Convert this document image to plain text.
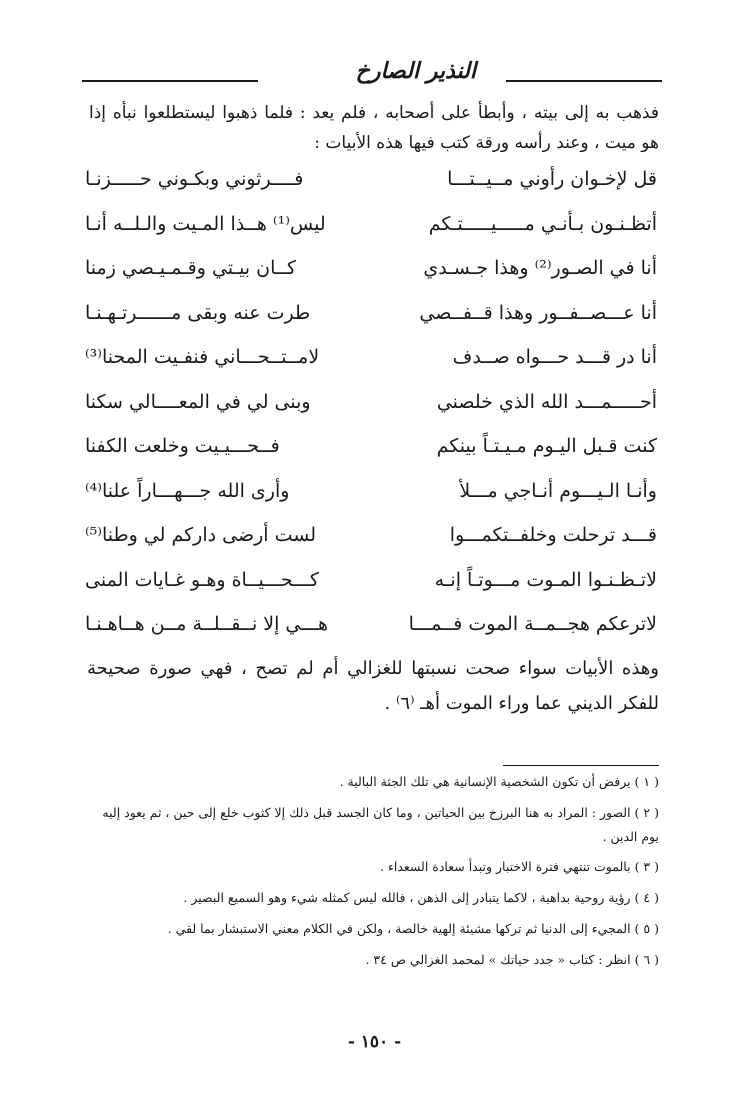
النذير الصارخ
فذهب به إلى بيته ، وأبطأ على أصحابه ، فلم يعد : فلما ذهبوا ليستطلعوا نبأه إذا هو ميت ، وعند رأسه ورقة كتب فيها هذه الأبيات :
قل لإخـوان رأوني مــيــتـــا
فــــرثوني وبكـوني حـــــزنـا
أتظـنـون بـأنـي مـــــيـــــتـكم
ليس⁽¹⁾ هــذا المـيت والـلــه أنـا
أنا في الصـور⁽²⁾ وهذا جـسـدي
كــان بيـتي وقـمـيـصي زمنا
أنا عـــصــفــور وهذا قــفــصي
طرت عنه وبقى مــــــرتـهـنـا
أنا در قـــد حـــواه صــدف
لامــتــحـــاني فنفـيت المحنا⁽³⁾
أحـــــمـــد الله الذي خلصني
وبنى لي في المعــــالي سكنا
كنت قـبل اليـوم مـيـتـاً بينكم
فــحـــيـيت وخلعت الكفنا
وأنـا الـيـــوم أنـاجي مـــلأ
وأرى الله جـــهـــاراً علنا⁽⁴⁾
قـــد ترحلت وخلفــتكمـــوا
لست أرضى داركم لي وطنا⁽⁵⁾
لاتـظـنـوا المـوت مـــوتـاً إنـه
كـــحـــيــاة وهـو غـايات المنى
لاترعكم هجــمــة الموت فــمـــا
هـــي إلا نــقــلــة مــن هــاهـنـا
وهذه الأبيات سواء صحت نسبتها للغزالي أم لم تصح ، فهي صورة صحيحة للفكر الديني عما وراء الموت أهـ ⁽٦⁾ .
( ١ ) يرفض أن تكون الشخصية الإنسانية هي تلك الجثة البالية .
( ٢ ) الصور : المراد به هنا البرزخ بين الحياتين ، وما كان الجسد قبل ذلك إلا كثوب خلع إلى حين ، ثم يعود إليه يوم الدين .
( ٣ ) بالموت تنتهي فترة الاختبار وتبدأ سعادة السعداء .
( ٤ ) رؤية روحية بداهية ، لاكما يتبادر إلى الذهن ، فالله ليس كمثله شيء وهو السميع البصير .
( ٥ ) المجيء إلى الدنيا ثم تركها مشيئة إلهية خالصة ، ولكن في الكلام معني الاستبشار بما لقي .
( ٦ ) انظر : كتاب « جدد حياتك » لمحمد الغزالي ص ٣٤ .
- ١٥٠ -
